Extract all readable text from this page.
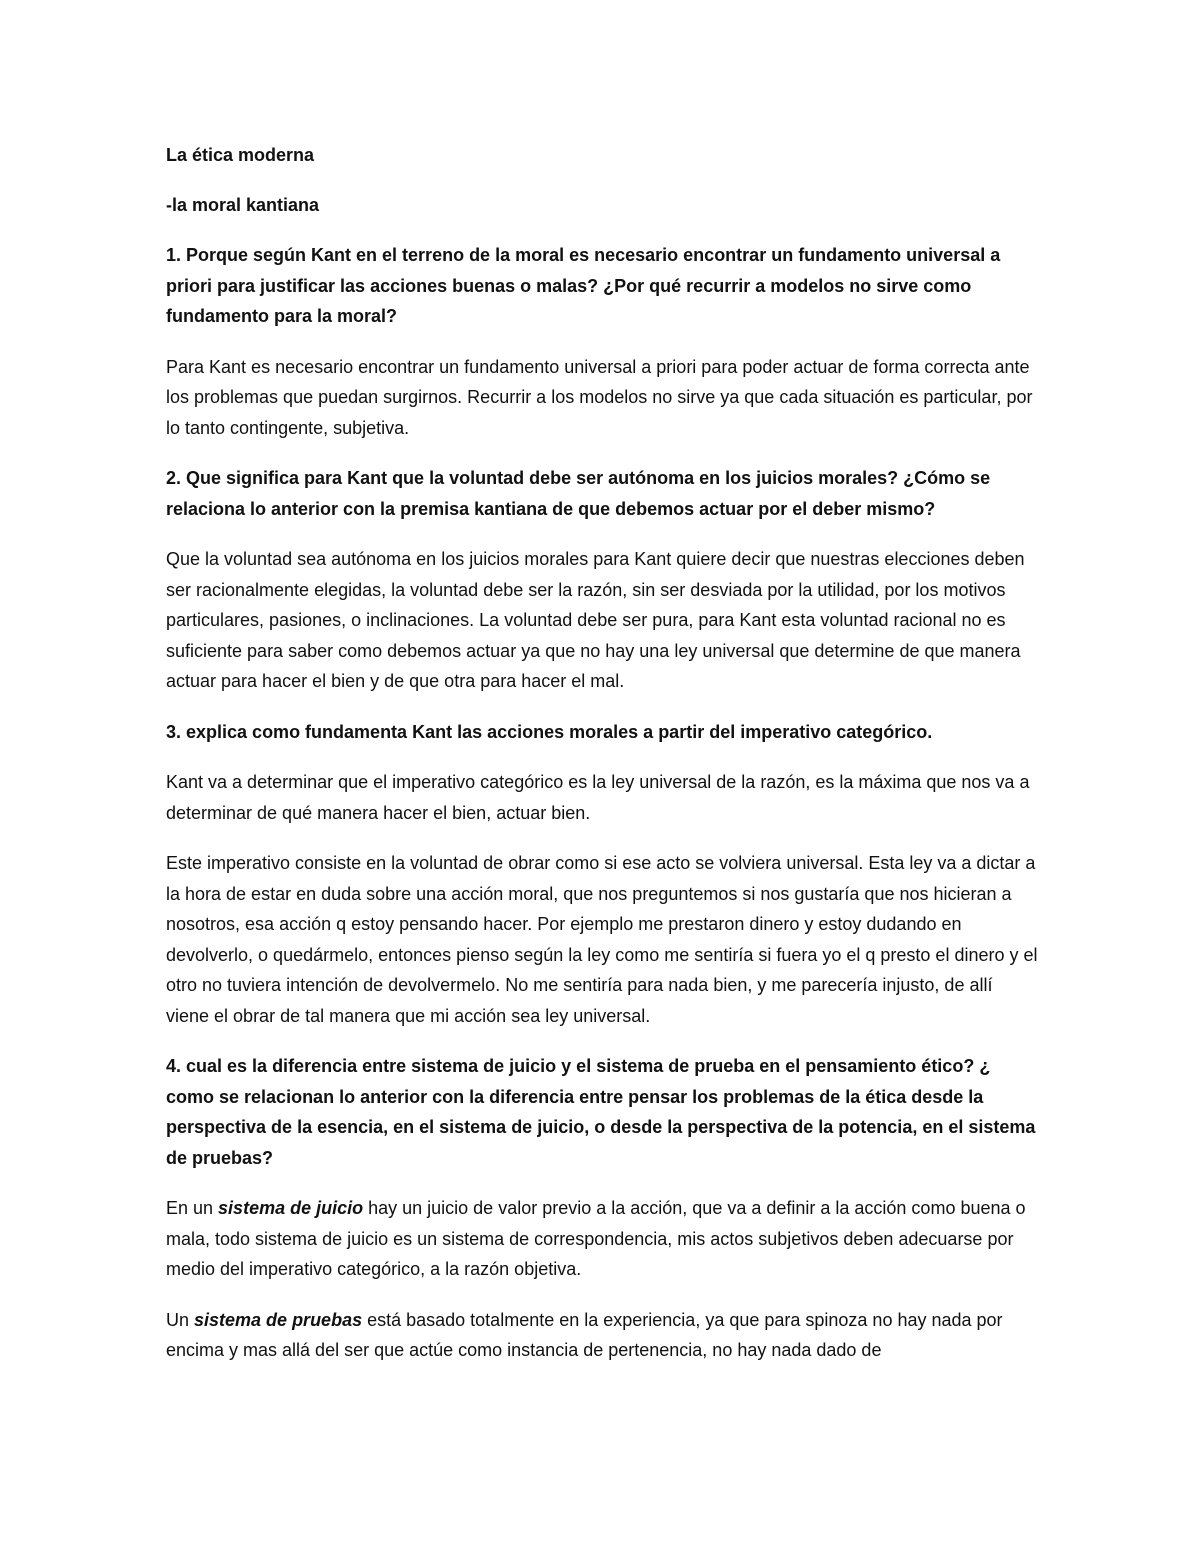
La ética moderna

-la moral kantiana

1. Porque según Kant en el terreno de la moral es necesario encontrar un fundamento universal a priori para justificar las acciones buenas o malas? ¿Por qué recurrir a modelos no sirve como fundamento para la moral?

Para Kant es necesario encontrar un fundamento universal a priori para poder actuar de forma correcta ante los problemas que puedan surgirnos. Recurrir a los modelos no sirve ya que cada situación es particular, por lo tanto contingente, subjetiva.

2. Que significa para Kant que la voluntad debe ser autónoma en los juicios morales? ¿Cómo se relaciona lo anterior con la premisa kantiana de que debemos actuar por el deber mismo?

Que la voluntad sea autónoma en los juicios morales para Kant quiere decir que nuestras elecciones deben ser racionalmente elegidas, la voluntad debe ser la razón, sin ser desviada por la utilidad, por los motivos particulares, pasiones, o inclinaciones. La voluntad debe ser pura, para Kant esta voluntad racional no es suficiente para saber como debemos actuar ya que no hay una ley universal que determine de que manera actuar para hacer el bien y de que otra para hacer el mal.

3. explica como fundamenta Kant las acciones morales a partir del imperativo categórico.

Kant va a determinar que el imperativo categórico es la ley universal de la razón, es la máxima que nos va a determinar de qué manera hacer el bien, actuar bien.

Este imperativo consiste en la voluntad de obrar como si ese acto se volviera universal. Esta ley va a dictar a la hora de estar en duda sobre una acción moral, que nos preguntemos si nos gustaría que nos hicieran a nosotros, esa acción q estoy pensando hacer. Por ejemplo me prestaron dinero y estoy dudando en devolverlo, o quedármelo, entonces pienso según la ley como me sentiría si fuera yo el q presto el dinero y el otro no tuviera intención de devolvermelo. No me sentiría para nada bien, y me parecería injusto, de allí viene el obrar de tal manera que mi acción sea ley universal.

4. cual es la diferencia entre sistema de juicio y el sistema de prueba en el pensamiento ético? ¿ como se relacionan lo anterior con la diferencia entre pensar los problemas de la ética desde la perspectiva de la esencia, en el sistema de juicio, o desde la perspectiva de la potencia, en el sistema de pruebas?

En un sistema de juicio hay un juicio de valor previo a la acción, que va a definir a la acción como buena o mala, todo sistema de juicio es un sistema de correspondencia, mis actos subjetivos deben adecuarse por medio del imperativo categórico, a la razón objetiva.

Un sistema de pruebas está basado totalmente en la experiencia, ya que para spinoza no hay nada por encima y mas allá del ser que actúe como instancia de pertenencia, no hay nada dado de
